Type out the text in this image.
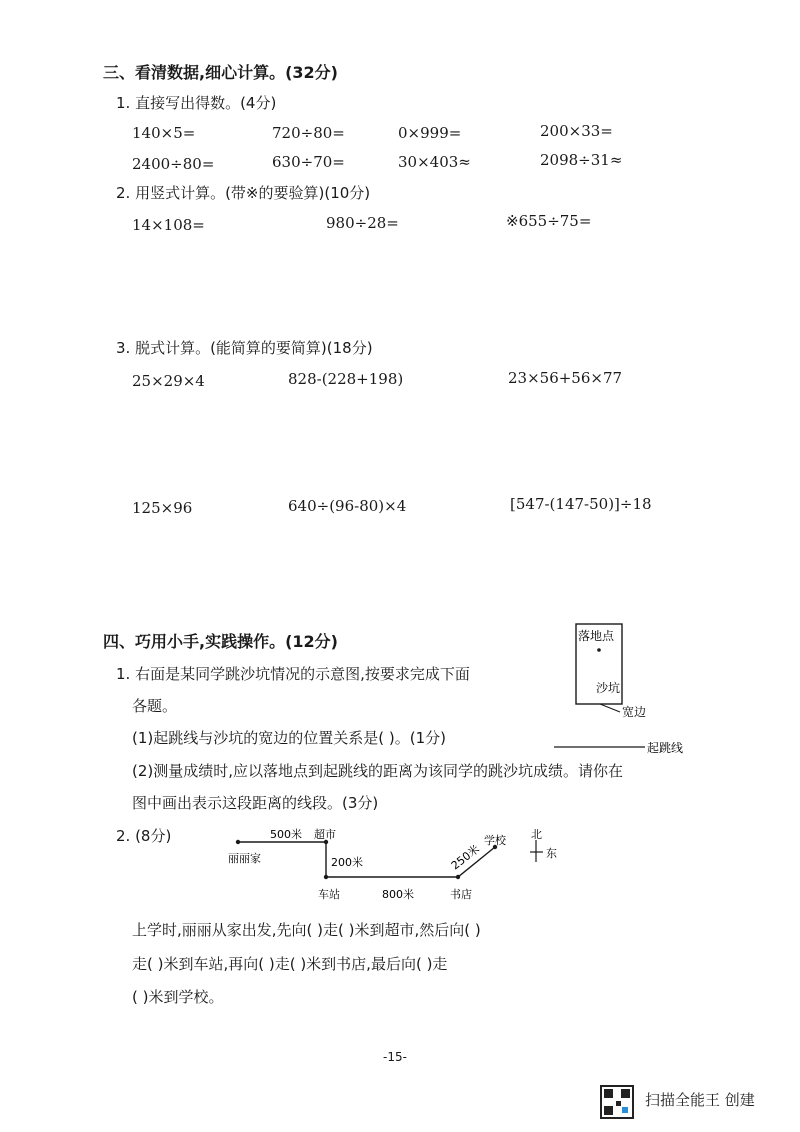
三、看清数据,细心计算。(32分)
1. 直接写出得数。(4分)
140×5=	720÷80=	0×999=	200×33=
2400÷80=	630÷70=	30×403≈	2098÷31≈
2. 用竖式计算。(带※的要验算)(10分)
14×108=	980÷28=	※655÷75=
3. 脱式计算。(能简算的要简算)(18分)
25×29×4	828-(228+198)	23×56+56×77
125×96	640÷(96-80)×4	[547-(147-50)]÷18
四、巧用小手,实践操作。(12分)
1. 右面是某同学跳沙坑情况的示意图,按要求完成下面
各题。
(1)起跳线与沙坑的宽边的位置关系是( )。(1分)
(2)测量成绩时,应以落地点到起跳线的距离为该同学的跳沙坑成绩。请你在
图中画出表示这段距离的线段。(3分)
落地点
沙坑
宽边
起跳线
2. (8分)
丽丽家
500米 超市
200米
车站	800米	书店
250米
学校 北
东
上学时,丽丽从家出发,先向( )走( )米到超市,然后向( )
走( )米到车站,再向( )走( )米到书店,最后向( )走
( )米到学校。
-15-
扫描全能王 创建
